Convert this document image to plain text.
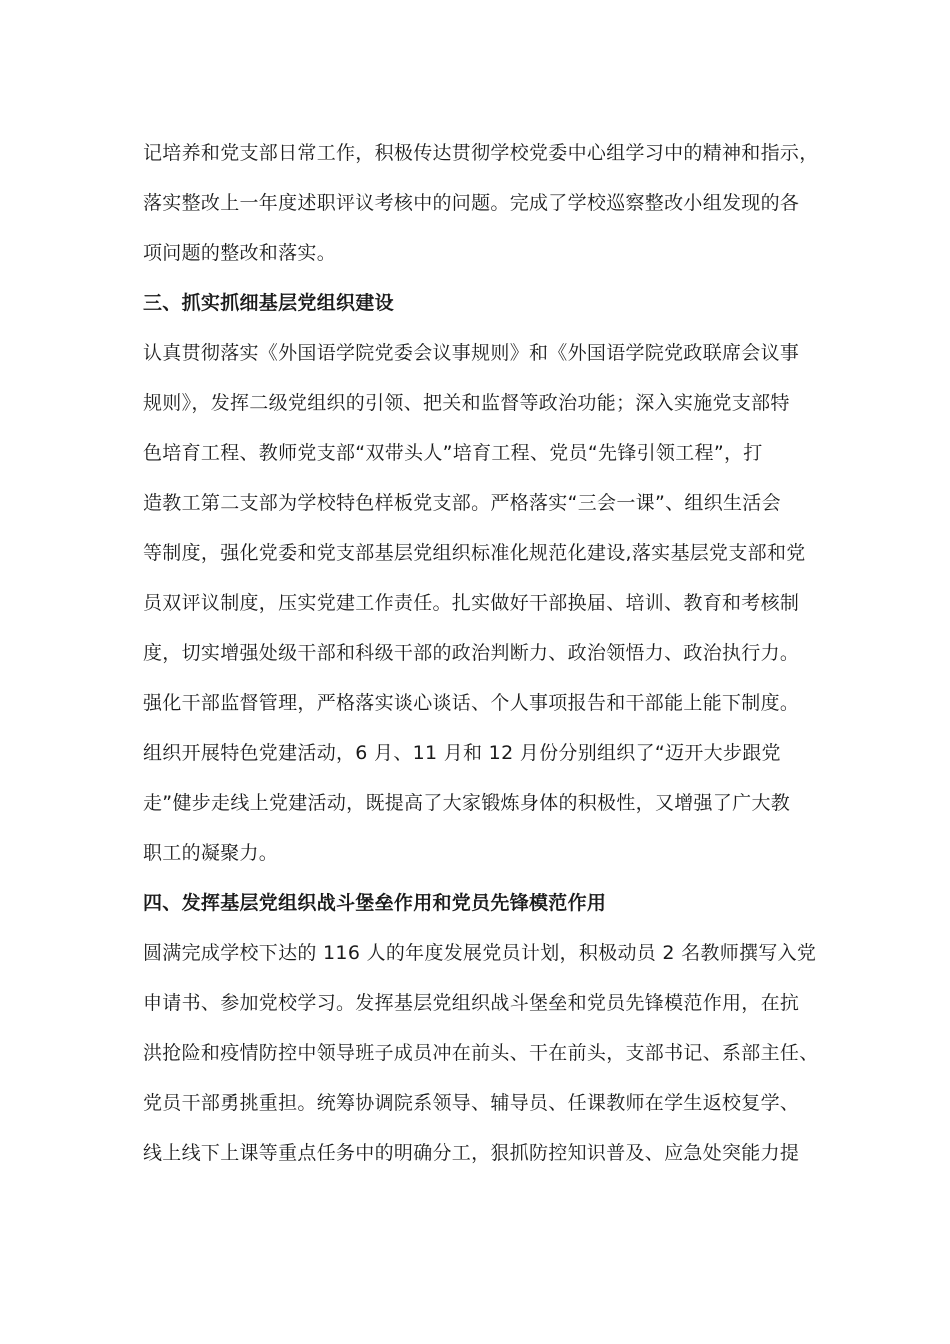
记培养和党支部日常工作，积极传达贯彻学校党委中心组学习中的精神和指示，
落实整改上一年度述职评议考核中的问题。完成了学校巡察整改小组发现的各
项问题的整改和落实。
三、抓实抓细基层党组织建设
认真贯彻落实《外国语学院党委会议事规则》和《外国语学院党政联席会议事
规则》，发挥二级党组织的引领、把关和监督等政治功能；深入实施党支部特
色培育工程、教师党支部“双带头人”培育工程、党员“先锋引领工程”，打
造教工第二支部为学校特色样板党支部。严格落实“三会一课”、组织生活会
等制度，强化党委和党支部基层党组织标准化规范化建设,落实基层党支部和党
员双评议制度，压实党建工作责任。扎实做好干部换届、培训、教育和考核制
度，切实增强处级干部和科级干部的政治判断力、政治领悟力、政治执行力。
强化干部监督管理，严格落实谈心谈话、个人事项报告和干部能上能下制度。
组织开展特色党建活动，6 月、11 月和 12 月份分别组织了“迈开大步跟党
走”健步走线上党建活动，既提高了大家锻炼身体的积极性，又增强了广大教
职工的凝聚力。
四、发挥基层党组织战斗堡垒作用和党员先锋模范作用
圆满完成学校下达的 116 人的年度发展党员计划，积极动员 2 名教师撰写入党
申请书、参加党校学习。发挥基层党组织战斗堡垒和党员先锋模范作用，在抗
洪抢险和疫情防控中领导班子成员冲在前头、干在前头，支部书记、系部主任、
党员干部勇挑重担。统筹协调院系领导、辅导员、任课教师在学生返校复学、
线上线下上课等重点任务中的明确分工，狠抓防控知识普及、应急处突能力提
